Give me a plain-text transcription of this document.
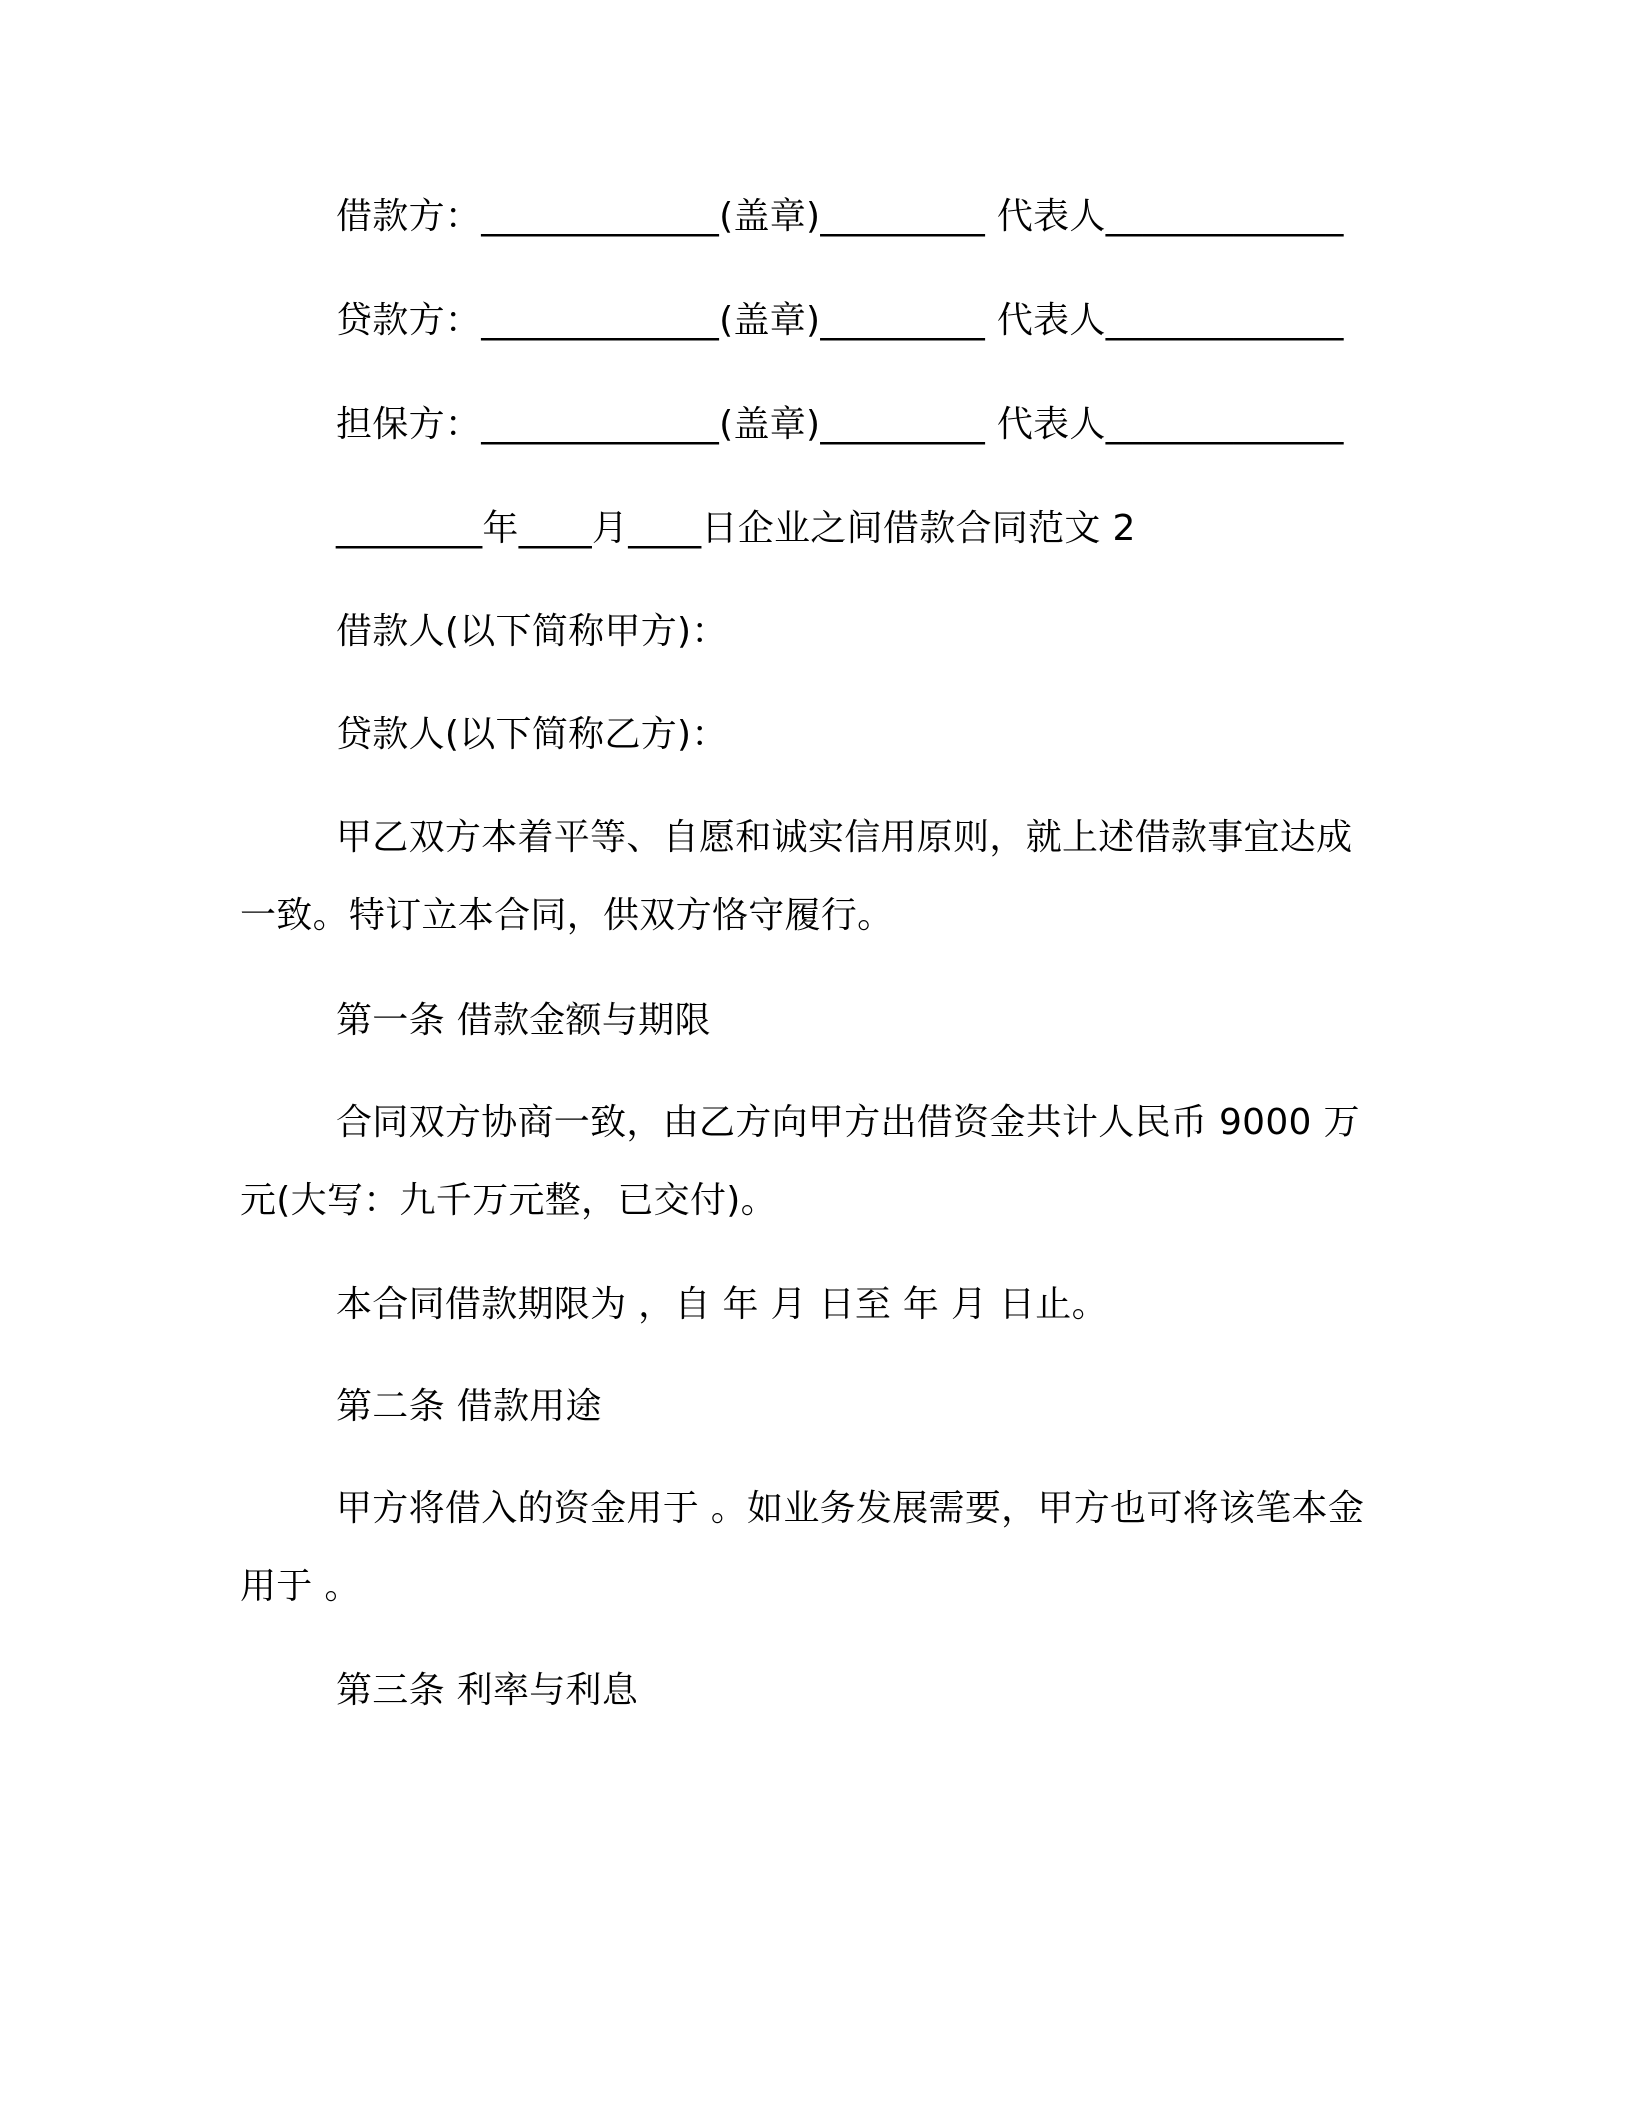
借款方：_____________(盖章)_________ 代表人_____________

贷款方：_____________(盖章)_________ 代表人_____________

担保方：_____________(盖章)_________ 代表人_____________

________年____月____日企业之间借款合同范文 2

借款人(以下简称甲方)：

贷款人(以下简称乙方)：

甲乙双方本着平等、自愿和诚实信用原则，就上述借款事宜达成一致。特订立本合同，供双方恪守履行。

第一条 借款金额与期限

合同双方协商一致，由乙方向甲方出借资金共计人民币 9000 万元(大写：九千万元整，已交付)。

本合同借款期限为 ，自 年 月 日至 年 月 日止。

第二条 借款用途

甲方将借入的资金用于 。如业务发展需要，甲方也可将该笔本金用于 。

第三条 利率与利息
